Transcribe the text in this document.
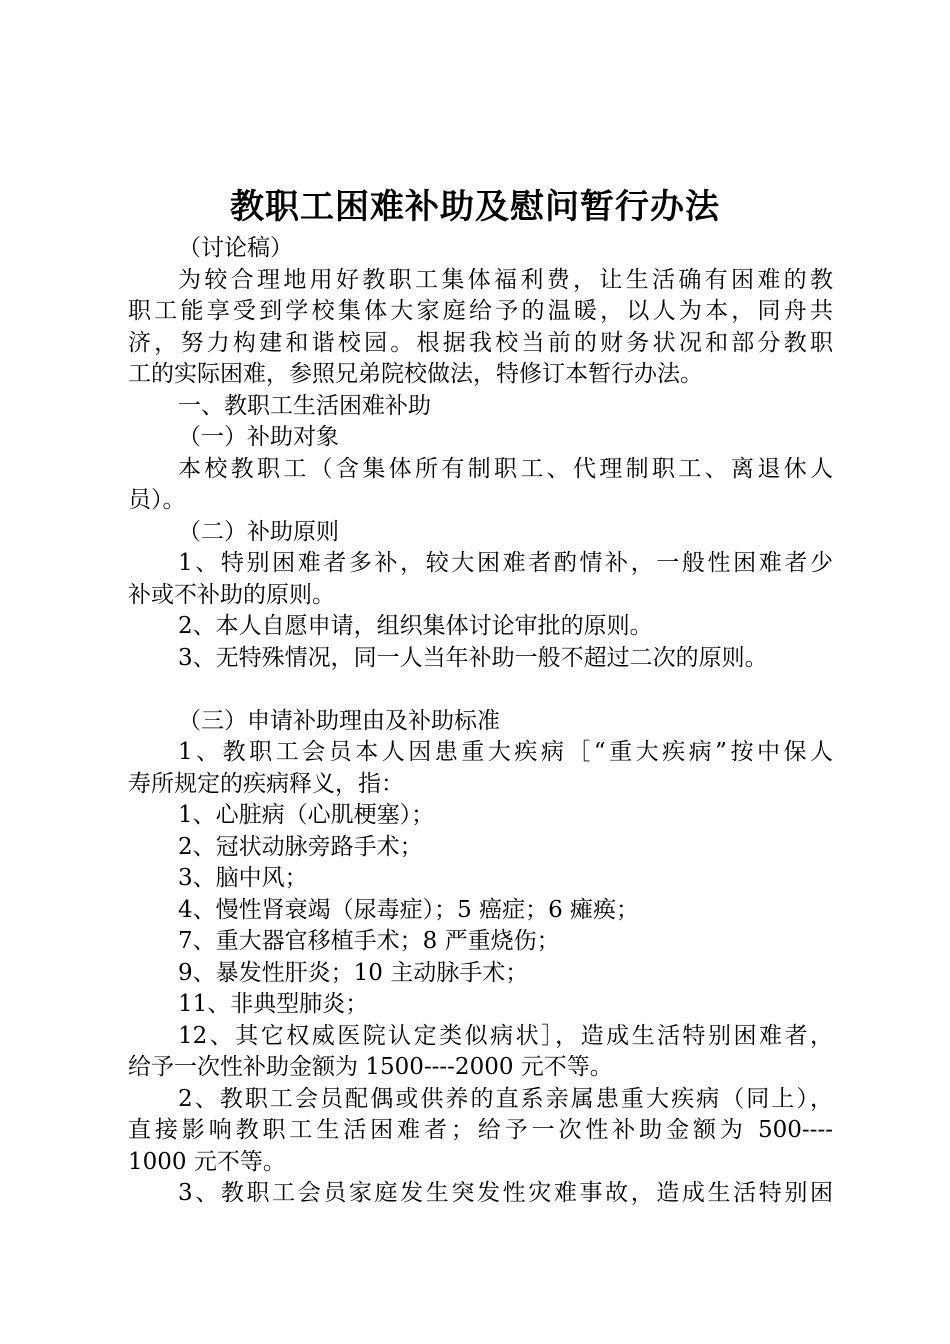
教职工困难补助及慰问暂行办法
（讨论稿）
为较合理地用好教职工集体福利费，让生活确有困难的教
职工能享受到学校集体大家庭给予的温暖，以人为本，同舟共
济，努力构建和谐校园。根据我校当前的财务状况和部分教职
工的实际困难，参照兄弟院校做法，特修订本暂行办法。
一、教职工生活困难补助
（一）补助对象
本校教职工（含集体所有制职工、代理制职工、离退休人
员）。
（二）补助原则
1、特别困难者多补，较大困难者酌情补，一般性困难者少
补或不补助的原则。
2、本人自愿申请，组织集体讨论审批的原则。
3、无特殊情况，同一人当年补助一般不超过二次的原则。
（三）申请补助理由及补助标准
1、教职工会员本人因患重大疾病［“重大疾病”按中保人
寿所规定的疾病释义，指：
1、心脏病（心肌梗塞）；
2、冠状动脉旁路手术；
3、脑中风；
4、慢性肾衰竭（尿毒症）；5 癌症；6 瘫痪；
7、重大器官移植手术；8 严重烧伤；
9、暴发性肝炎；10 主动脉手术；
11、非典型肺炎；
12、其它权威医院认定类似病状］，造成生活特别困难者，
给予一次性补助金额为 1500----2000 元不等。
2、教职工会员配偶或供养的直系亲属患重大疾病（同上），
直接影响教职工生活困难者；给予一次性补助金额为 500----
1000 元不等。
3、教职工会员家庭发生突发性灾难事故，造成生活特别困
